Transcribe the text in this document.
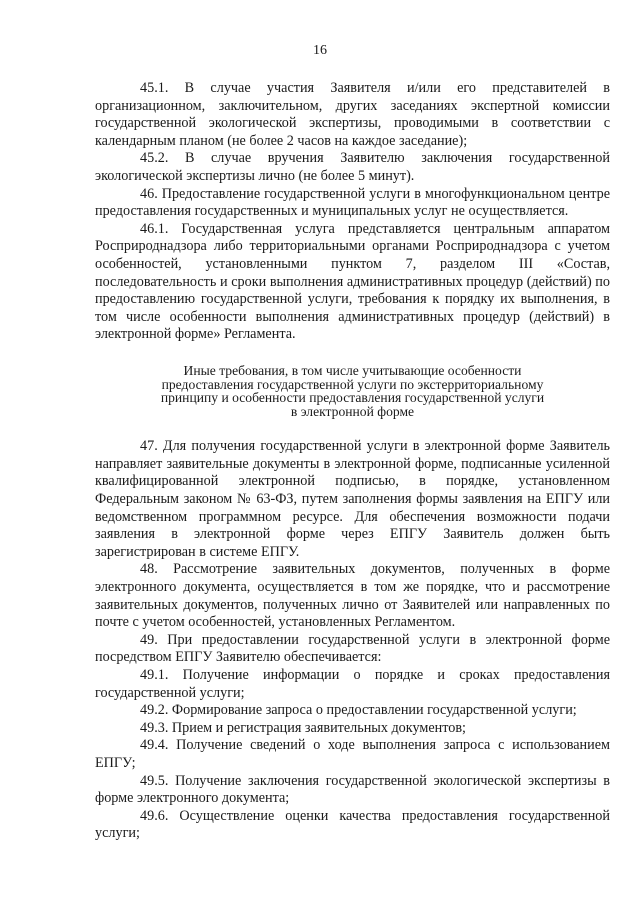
16

45.1. В случае участия Заявителя и/или его представителей в организационном, заключительном, других заседаниях экспертной комиссии государственной экологической экспертизы, проводимыми в соответствии с календарным планом (не более 2 часов на каждое заседание);

45.2. В случае вручения Заявителю заключения государственной экологической экспертизы лично (не более 5 минут).

46. Предоставление государственной услуги в многофункциональном центре предоставления государственных и муниципальных услуг не осуществляется.

46.1. Государственная услуга представляется центральным аппаратом Росприроднадзора либо территориальными органами Росприроднадзора с учетом особенностей, установленными пунктом 7, разделом III «Состав, последовательность и сроки выполнения административных процедур (действий) по предоставлению государственной услуги, требования к порядку их выполнения, в том числе особенности выполнения административных процедур (действий) в электронной форме» Регламента.

Иные требования, в том числе учитывающие особенности
предоставления государственной услуги по экстерриториальному
принципу и особенности предоставления государственной услуги
в электронной форме

47. Для получения государственной услуги в электронной форме Заявитель направляет заявительные документы в электронной форме, подписанные усиленной квалифицированной электронной подписью, в порядке, установленном Федеральным законом № 63-ФЗ, путем заполнения формы заявления на ЕПГУ или ведомственном программном ресурсе. Для обеспечения возможности подачи заявления в электронной форме через ЕПГУ Заявитель должен быть зарегистрирован в системе ЕПГУ.

48. Рассмотрение заявительных документов, полученных в форме электронного документа, осуществляется в том же порядке, что и рассмотрение заявительных документов, полученных лично от Заявителей или направленных по почте с учетом особенностей, установленных Регламентом.

49. При предоставлении государственной услуги в электронной форме посредством ЕПГУ Заявителю обеспечивается:

49.1. Получение информации о порядке и сроках предоставления государственной услуги;

49.2. Формирование запроса о предоставлении государственной услуги;

49.3. Прием и регистрация заявительных документов;

49.4. Получение сведений о ходе выполнения запроса с использованием ЕПГУ;

49.5. Получение заключения государственной экологической экспертизы в форме электронного документа;

49.6. Осуществление оценки качества предоставления государственной услуги;
